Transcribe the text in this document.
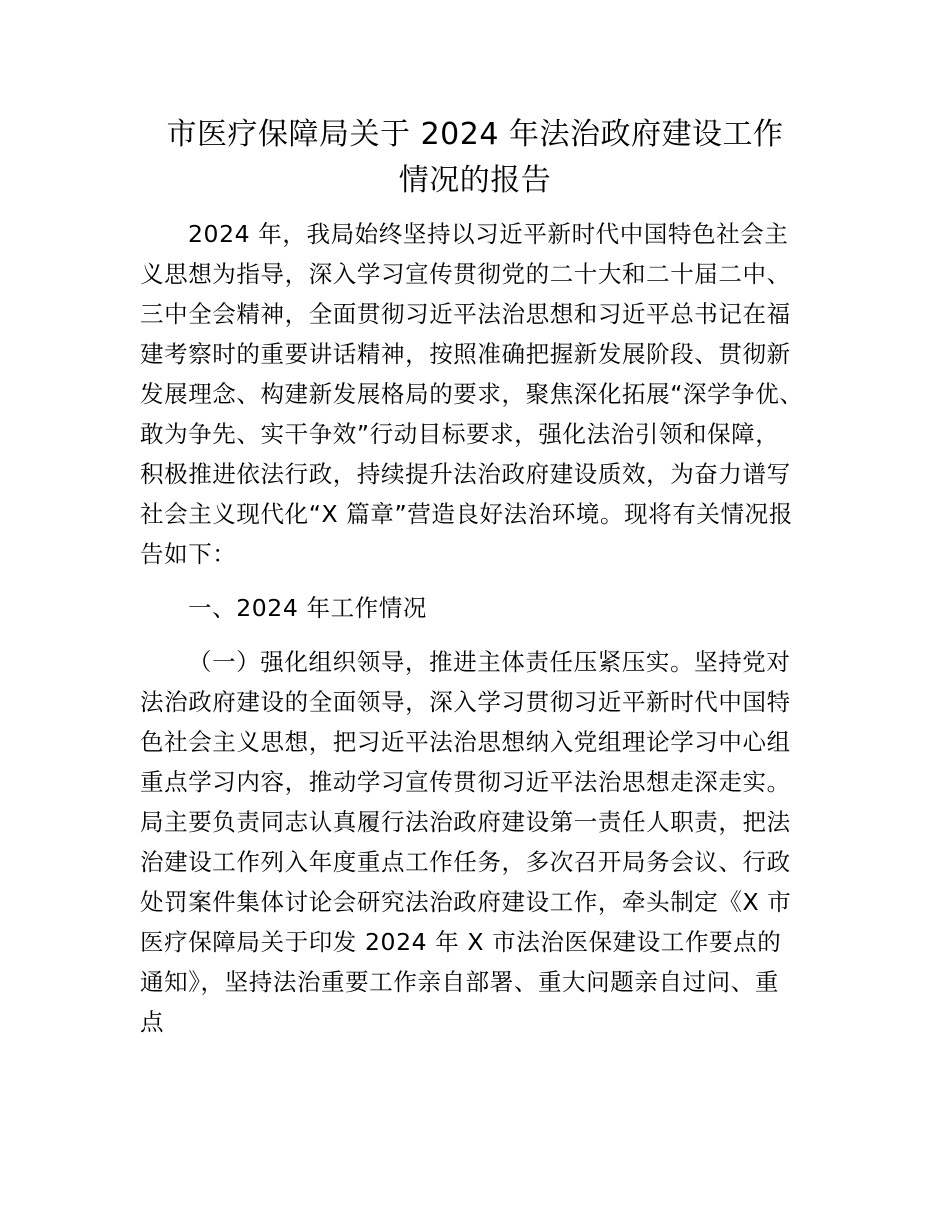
市医疗保障局关于 2024 年法治政府建设工作
情况的报告
2024 年，我局始终坚持以习近平新时代中国特色社会主
义思想为指导，深入学习宣传贯彻党的二十大和二十届二中、
三中全会精神，全面贯彻习近平法治思想和习近平总书记在福
建考察时的重要讲话精神，按照准确把握新发展阶段、贯彻新
发展理念、构建新发展格局的要求，聚焦深化拓展“深学争优、
敢为争先、实干争效”行动目标要求，强化法治引领和保障，
积极推进依法行政，持续提升法治政府建设质效，为奋力谱写
社会主义现代化“X 篇章”营造良好法治环境。现将有关情况报
告如下：
一、2024 年工作情况
（一）强化组织领导，推进主体责任压紧压实。坚持党对
法治政府建设的全面领导，深入学习贯彻习近平新时代中国特
色社会主义思想，把习近平法治思想纳入党组理论学习中心组
重点学习内容，推动学习宣传贯彻习近平法治思想走深走实。
局主要负责同志认真履行法治政府建设第一责任人职责，把法
治建设工作列入年度重点工作任务，多次召开局务会议、行政
处罚案件集体讨论会研究法治政府建设工作，牵头制定《X 市
医疗保障局关于印发 2024 年 X 市法治医保建设工作要点的
通知》，坚持法治重要工作亲自部署、重大问题亲自过问、重
点
